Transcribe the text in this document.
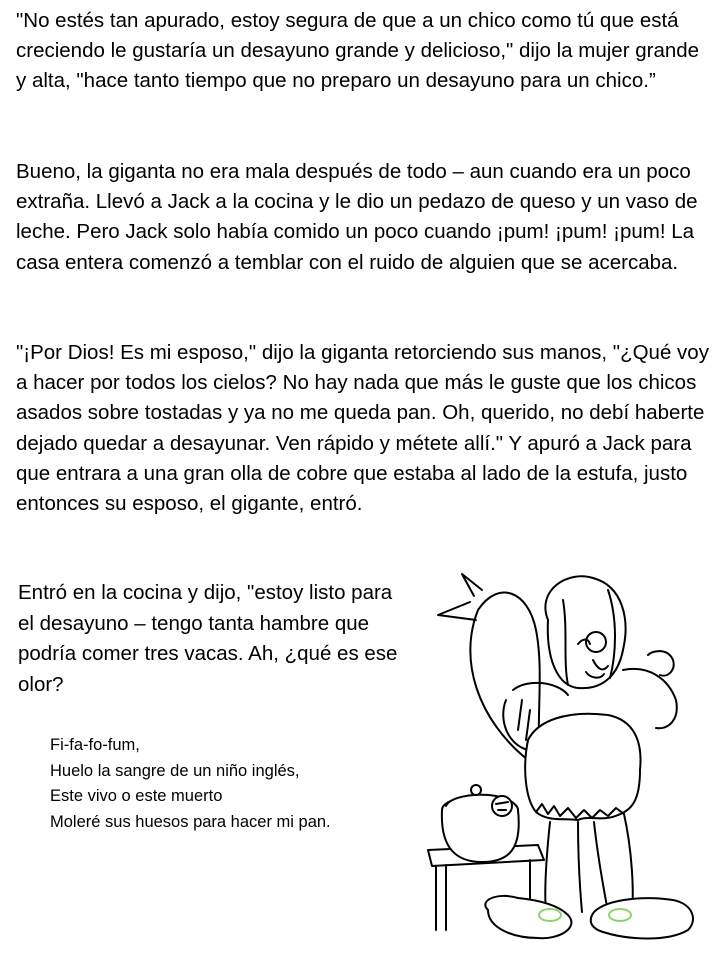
"No estés tan apurado, estoy segura de que a un chico como tú que está creciendo le gustaría un desayuno grande y delicioso," dijo la mujer grande y alta, "hace tanto tiempo que no preparo un desayuno para un chico.”

Bueno, la giganta no era mala después de todo – aun cuando era un poco extraña. Llevó a Jack a la cocina y le dio un pedazo de queso y un vaso de leche. Pero Jack solo había comido un poco cuando ¡pum! ¡pum! ¡pum! La casa entera comenzó a temblar con el ruido de alguien que se acercaba.

"¡Por Dios! Es mi esposo," dijo la giganta retorciendo sus manos, "¿Qué voy a hacer por todos los cielos? No hay nada que más le guste que los chicos asados sobre tostadas y ya no me queda pan. Oh, querido, no debí haberte dejado quedar a desayunar. Ven rápido y métete allí." Y apuró a Jack para que entrara a una gran olla de cobre que estaba al lado de la estufa, justo entonces su esposo, el gigante, entró.

Entró en la cocina y dijo, "estoy listo para el desayuno – tengo tanta hambre que podría comer tres vacas. Ah, ¿qué es ese olor?

Fi-fa-fo-fum,
Huelo la sangre de un niño inglés,
Este vivo o este muerto
Moleré sus huesos para hacer mi pan.
